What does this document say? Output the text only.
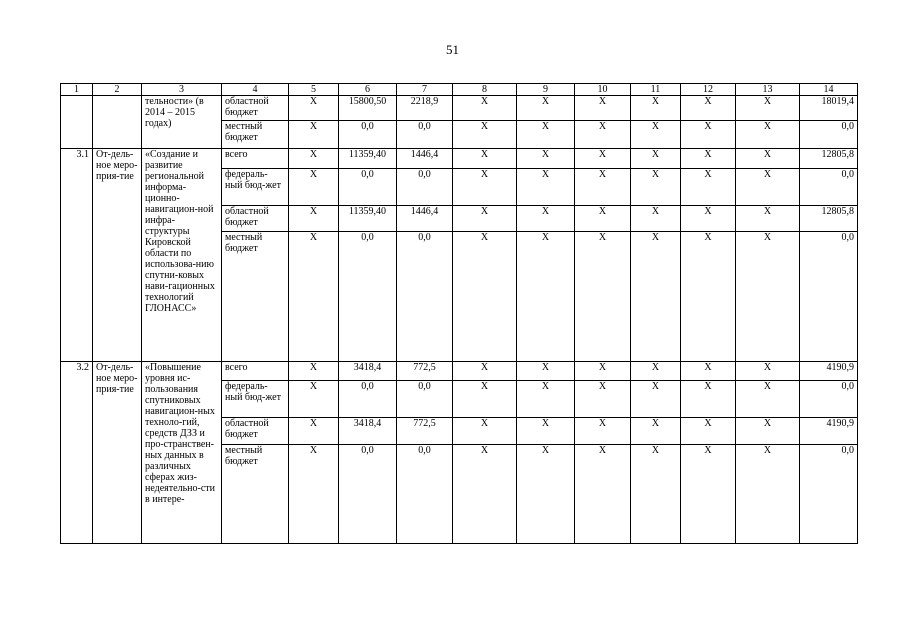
51
1	2	3	4	5	6	7	8	9	10	11	12	13	14
		тельности» (в 2014 – 2015 годах)	областной бюджет	X	15800,50	2218,9	X	X	X	X	X	X	18019,4
			местный бюджет	X	0,0	0,0	X	X	X	X	X	X	0,0
3.1	От-дель-ное меро-прия-тие	«Создание и развитие региональной информа-ционно-навигацион-ной инфра-структуры Кировской области по использова-нию спутни-ковых нави-гационных технологий ГЛОНАСС»	всего	X	11359,40	1446,4	X	X	X	X	X	X	12805,8
			федераль-ный бюд-жет	X	0,0	0,0	X	X	X	X	X	X	0,0
			областной бюджет	X	11359,40	1446,4	X	X	X	X	X	X	12805,8
			местный бюджет	X	0,0	0,0	X	X	X	X	X	X	0,0
3.2	От-дель-ное меро-прия-тие	«Повышение уровня ис-пользования спутниковых навигацион-ных техноло-гий, средств ДЗЗ и про-странствен-ных данных в различных сферах жиз-недеятельно-сти в интере-	всего	X	3418,4	772,5	X	X	X	X	X	X	4190,9
			федераль-ный бюд-жет	X	0,0	0,0	X	X	X	X	X	X	0,0
			областной бюджет	X	3418,4	772,5	X	X	X	X	X	X	4190,9
			местный бюджет	X	0,0	0,0	X	X	X	X	X	X	0,0
